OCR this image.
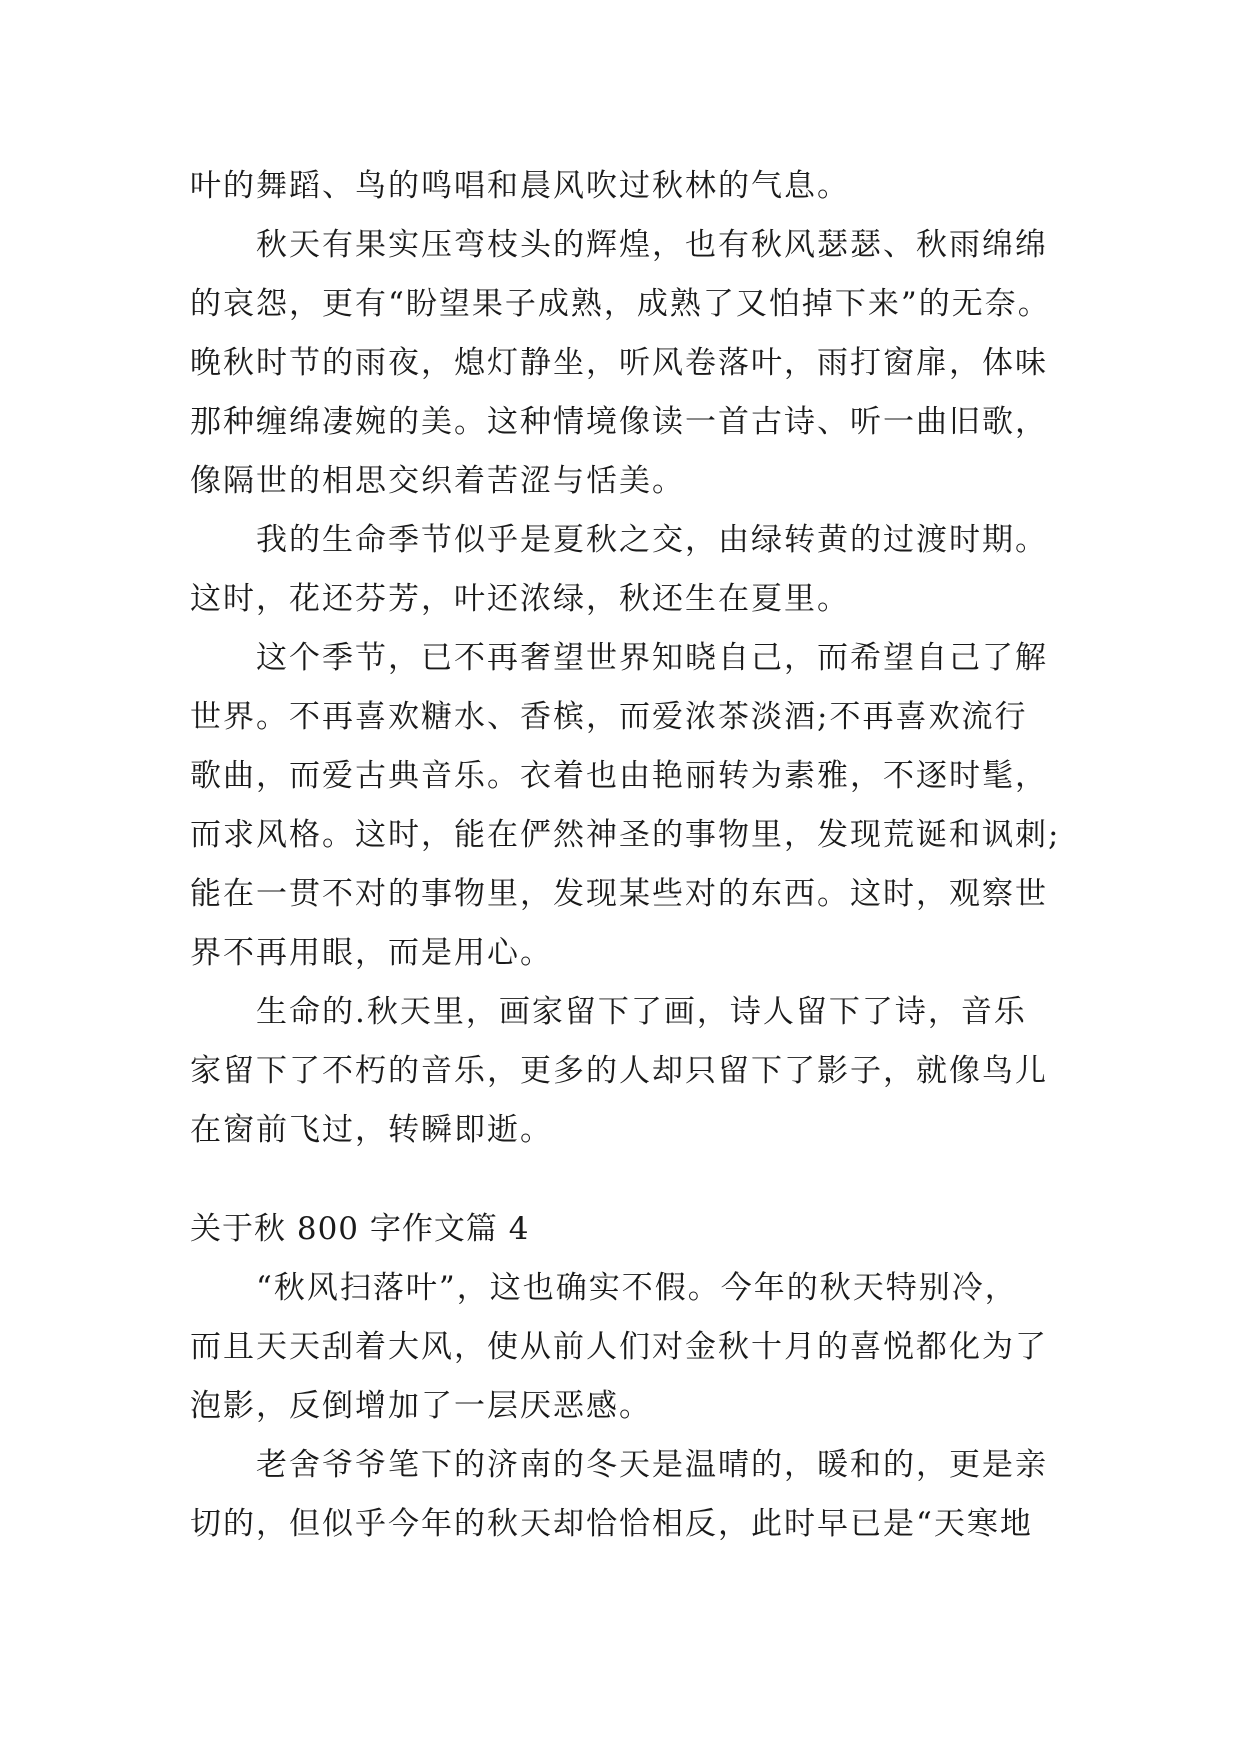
叶的舞蹈、鸟的鸣唱和晨风吹过秋林的气息。
秋天有果实压弯枝头的辉煌，也有秋风瑟瑟、秋雨绵绵
的哀怨，更有“盼望果子成熟，成熟了又怕掉下来”的无奈。
晚秋时节的雨夜，熄灯静坐，听风卷落叶，雨打窗扉，体味
那种缠绵凄婉的美。这种情境像读一首古诗、听一曲旧歌，
像隔世的相思交织着苦涩与恬美。
我的生命季节似乎是夏秋之交，由绿转黄的过渡时期。
这时，花还芬芳，叶还浓绿，秋还生在夏里。
这个季节，已不再奢望世界知晓自己，而希望自己了解
世界。不再喜欢糖水、香槟，而爱浓茶淡酒;不再喜欢流行
歌曲，而爱古典音乐。衣着也由艳丽转为素雅，不逐时髦，
而求风格。这时，能在俨然神圣的事物里，发现荒诞和讽刺;
能在一贯不对的事物里，发现某些对的东西。这时，观察世
界不再用眼，而是用心。
生命的.秋天里，画家留下了画，诗人留下了诗，音乐
家留下了不朽的音乐，更多的人却只留下了影子，就像鸟儿
在窗前飞过，转瞬即逝。
关于秋 800 字作文篇 4
“秋风扫落叶”，这也确实不假。今年的秋天特别冷，
而且天天刮着大风，使从前人们对金秋十月的喜悦都化为了
泡影，反倒增加了一层厌恶感。
老舍爷爷笔下的济南的冬天是温晴的，暖和的，更是亲
切的，但似乎今年的秋天却恰恰相反，此时早已是“天寒地
